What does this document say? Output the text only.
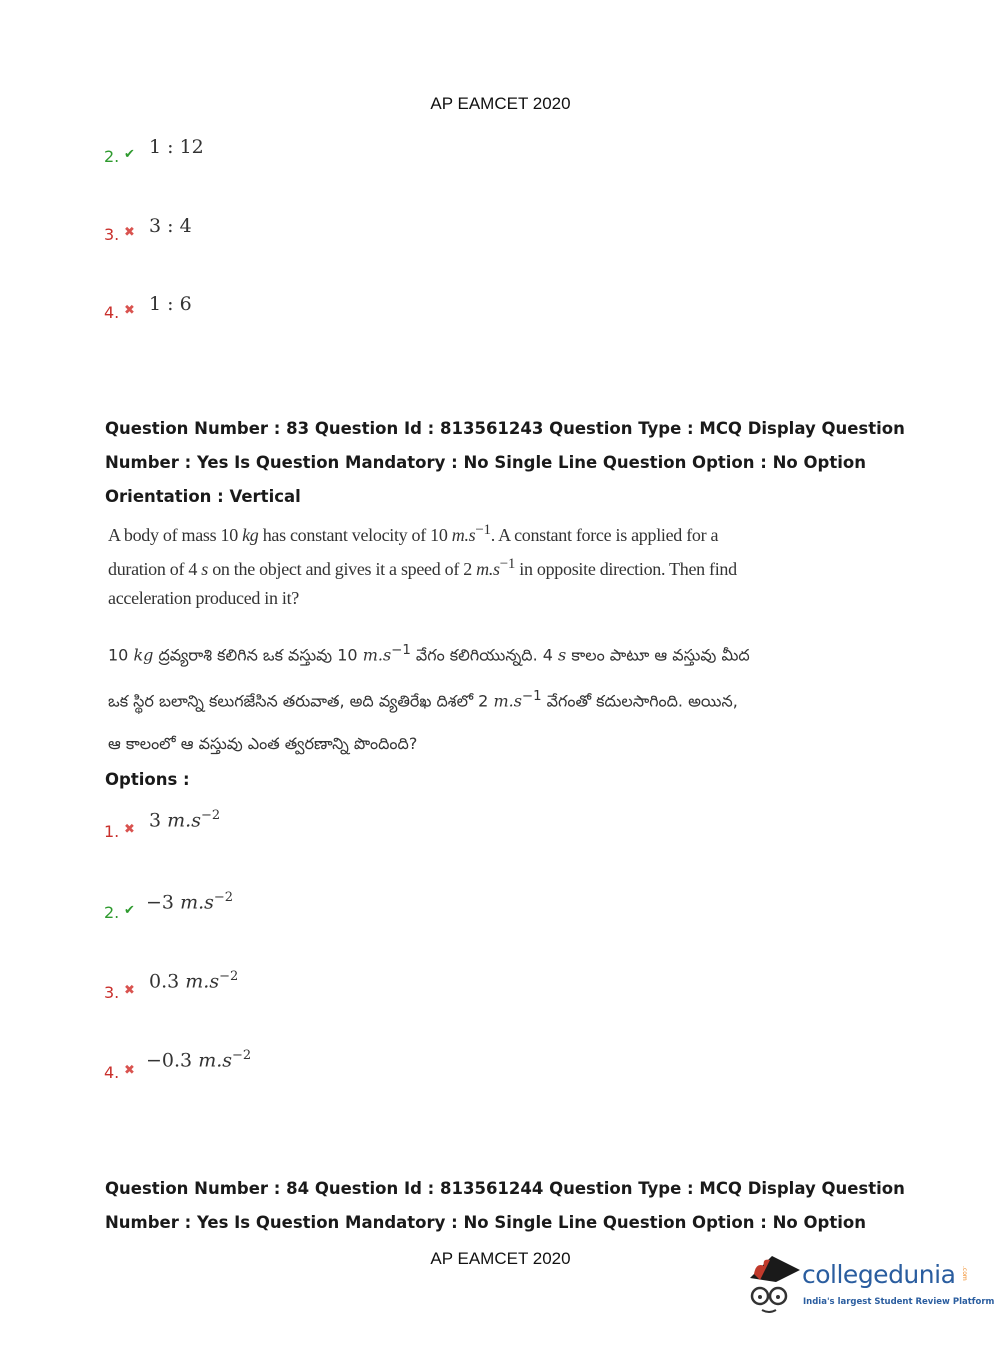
AP EAMCET 2020
2. ✔ 1 : 12
3. ✖ 3 : 4
4. ✖ 1 : 6
Question Number : 83 Question Id : 813561243 Question Type : MCQ Display Question
Number : Yes Is Question Mandatory : No Single Line Question Option : No Option
Orientation : Vertical
A body of mass 10 kg has constant velocity of 10 $m.s^{-1}$. A constant force is applied for a
duration of 4 s on the object and gives it a speed of 2 $m.s^{-1}$ in opposite direction. Then find
acceleration produced in it?
10 kg ద్రవ్యరాశి కలిగిన ఒక వస్తువు 10 $m.s^{-1}$ వేగం కలిగియున్నది. 4 s కాలం పాటూ ఆ వస్తువు మీద
ఒక స్థిర బలాన్ని కలుగజేసిన తరువాత, అది వ్యతిరేఖ దిశలో 2 $m.s^{-1}$ వేగంతో కదులసాగింది. అయిన,
ఆ కాలంలో ఆ వస్తువు ఎంత త్వరణాన్ని పొందింది?
Options :
1. ✖ 3 $m.s^{-2}$
2. ✔ −3 $m.s^{-2}$
3. ✖ 0.3 $m.s^{-2}$
4. ✖ −0.3 $m.s^{-2}$
Question Number : 84 Question Id : 813561244 Question Type : MCQ Display Question
Number : Yes Is Question Mandatory : No Single Line Question Option : No Option
AP EAMCET 2020
collegedunia .com
India's largest Student Review Platform
